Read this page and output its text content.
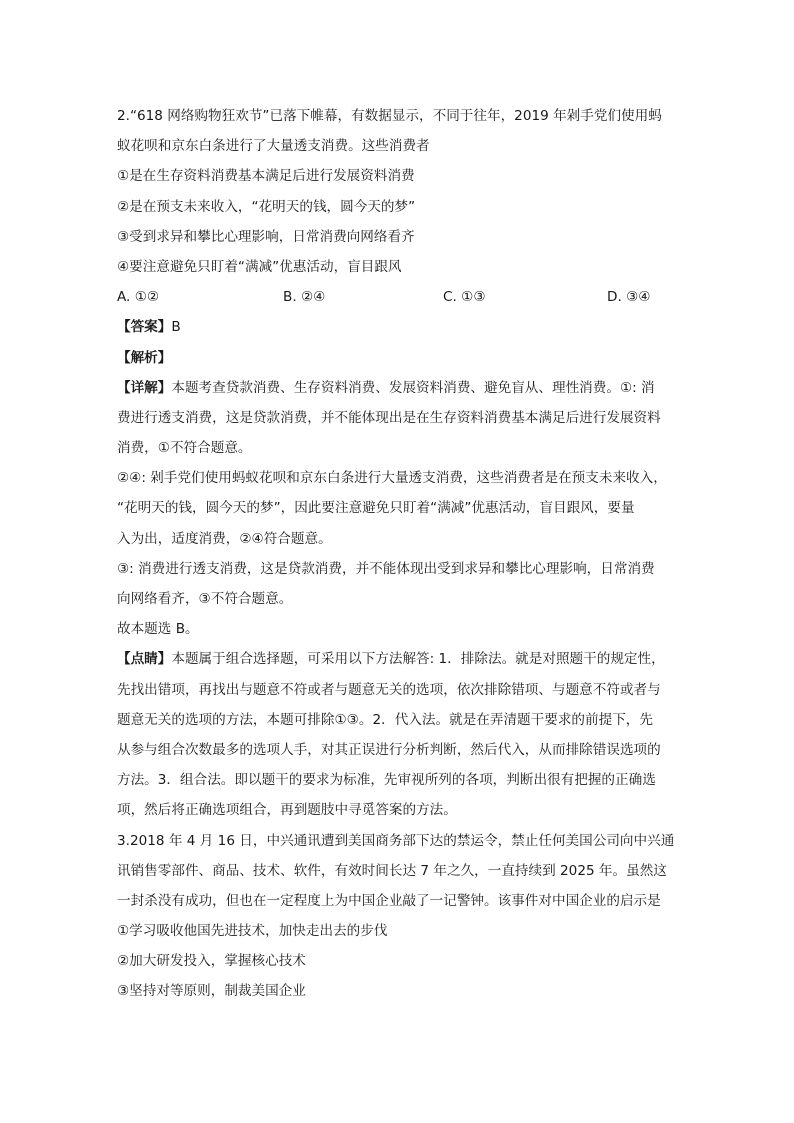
2.“618 网络购物狂欢节”已落下帷幕，有数据显示，不同于往年，2019 年剁手党们使用蚂
蚁花呗和京东白条进行了大量透支消费。这些消费者
①是在生存资料消费基本满足后进行发展资料消费
②是在预支未来收入，“花明天的钱，圆今天的梦”
③受到求异和攀比心理影响，日常消费向网络看齐
④要注意避免只盯着“满减”优惠活动，盲目跟风
A. ①②	B. ②④	C. ①③	D. ③④
【答案】B
【解析】
【详解】本题考查贷款消费、生存资料消费、发展资料消费、避免盲从、理性消费。①: 消
费进行透支消费，这是贷款消费，并不能体现出是在生存资料消费基本满足后进行发展资料
消费，①不符合题意。
②④: 剁手党们使用蚂蚁花呗和京东白条进行大量透支消费，这些消费者是在预支未来收入，
“花明天的钱，圆今天的梦”，因此要注意避免只盯着“满减”优惠活动，盲目跟风，要量
入为出，适度消费，②④符合题意。
③: 消费进行透支消费，这是贷款消费，并不能体现出受到求异和攀比心理影响，日常消费
向网络看齐，③不符合题意。
故本题选 B。
【点睛】本题属于组合选择题，可采用以下方法解答: 1．排除法。就是对照题干的规定性，
先找出错项，再找出与题意不符或者与题意无关的选项，依次排除错项、与题意不符或者与
题意无关的选项的方法，本题可排除①③。2．代入法。就是在弄清题干要求的前提下，先
从参与组合次数最多的选项人手，对其正误进行分析判断，然后代入，从而排除错误选项的
方法。3．组合法。即以题干的要求为标准，先审视所列的各项，判断出很有把握的正确选
项，然后将正确选项组合，再到题肢中寻觅答案的方法。
3.2018 年 4 月 16 日，中兴通讯遭到美国商务部下达的禁运令，禁止任何美国公司向中兴通
讯销售零部件、商品、技术、软件，有效时间长达 7 年之久，一直持续到 2025 年。虽然这
一封杀没有成功，但也在一定程度上为中国企业敲了一记警钟。该事件对中国企业的启示是
①学习吸收他国先进技术，加快走出去的步伐
②加大研发投入，掌握核心技术
③坚持对等原则，制裁美国企业
